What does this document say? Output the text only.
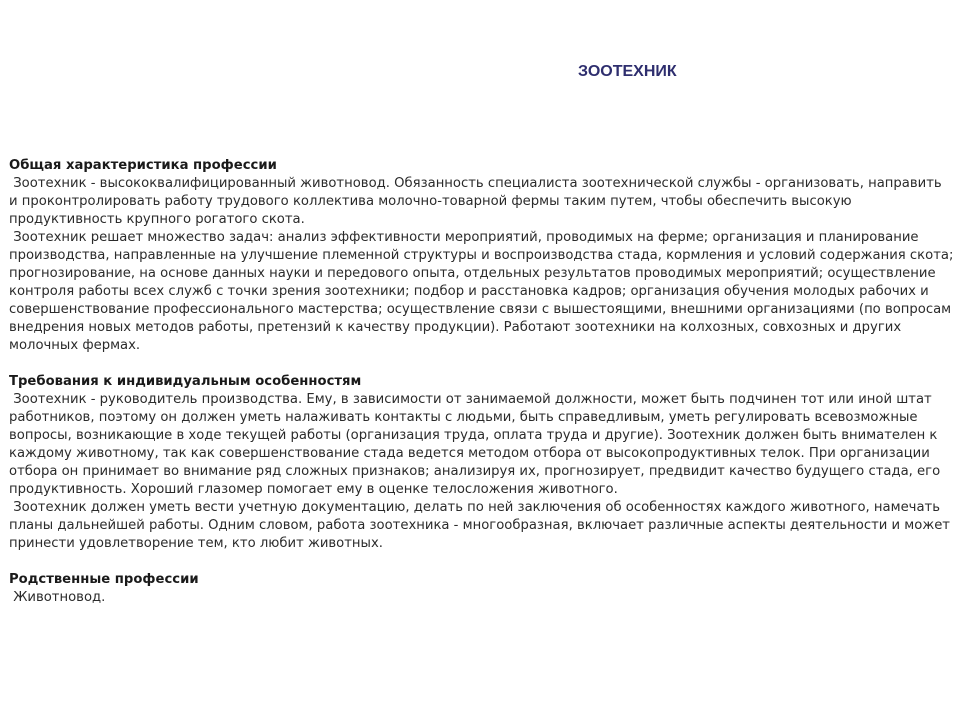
ЗООТЕХНИК

Общая характеристика профессии

Зоотехник - высококвалифицированный животновод. Обязанность специалиста зоотехнической службы - организовать, направить и проконтролировать работу трудового коллектива молочно-товарной фермы таким путем, чтобы обеспечить высокую продуктивность крупного рогатого скота.

Зоотехник решает множество задач: анализ эффективности мероприятий, проводимых на ферме; организация и планирование производства, направленные на улучшение племенной структуры и воспроизводства стада, кормления и условий содержания скота; прогнозирование, на основе данных науки и передового опыта, отдельных результатов проводимых мероприятий; осуществление контроля работы всех служб с точки зрения зоотехники; подбор и расстановка кадров; организация обучения молодых рабочих и совершенствование профессионального мастерства; осуществление связи с вышестоящими, внешними организациями (по вопросам внедрения новых методов работы, претензий к качеству продукции). Работают зоотехники на колхозных, совхозных и других молочных фермах.

Требования к индивидуальным особенностям

Зоотехник - руководитель производства. Ему, в зависимости от занимаемой должности, может быть подчинен тот или иной штат работников, поэтому он должен уметь налаживать контакты с людьми, быть справедливым, уметь регулировать всевозможные вопросы, возникающие в ходе текущей работы (организация труда, оплата труда и другие). Зоотехник должен быть внимателен к каждому животному, так как совершенствование стада ведется методом отбора от высокопродуктивных телок. При организации отбора он принимает во внимание ряд сложных признаков; анализируя их, прогнозирует, предвидит качество будущего стада, его продуктивность. Хороший глазомер помогает ему в оценке телосложения животного.

Зоотехник должен уметь вести учетную документацию, делать по ней заключения об особенностях каждого животного, намечать планы дальнейшей работы. Одним словом, работа зоотехника - многообразная, включает различные аспекты деятельности и может принести удовлетворение тем, кто любит животных.

Родственные профессии

Животновод.
